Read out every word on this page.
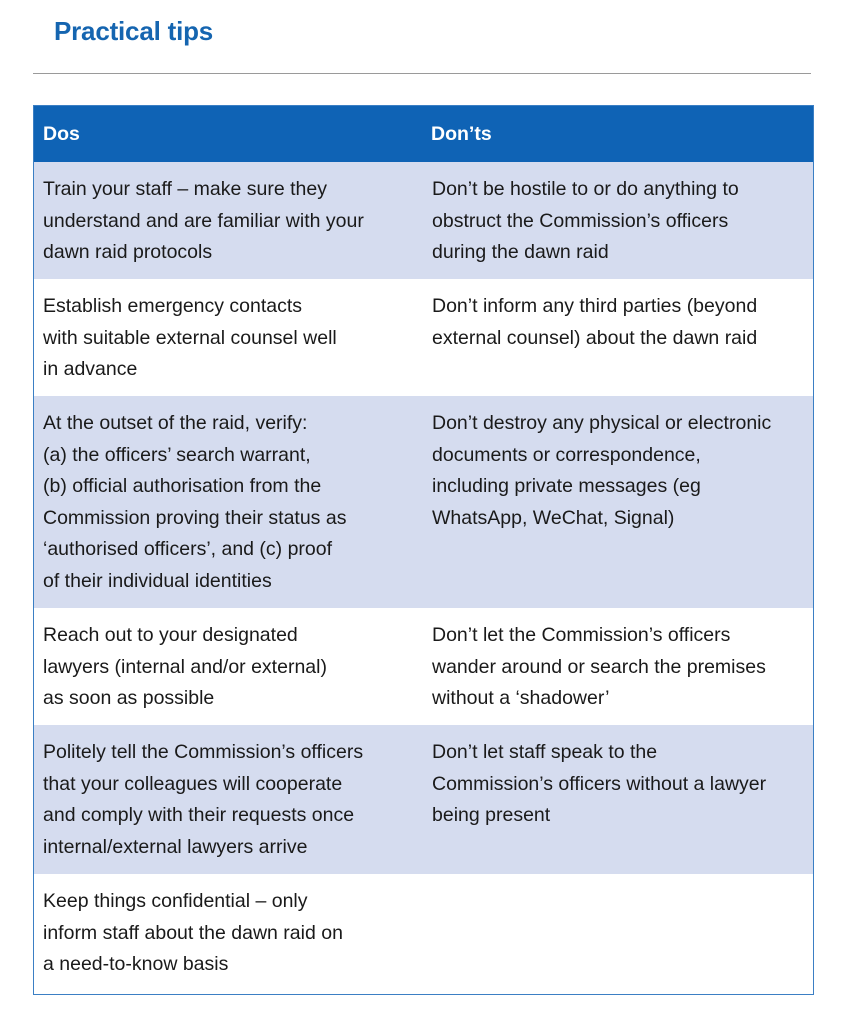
Practical tips
Dos	Don’ts
Train your staff – make sure they
understand and are familiar with your
dawn raid protocols
Don’t be hostile to or do anything to
obstruct the Commission’s officers
during the dawn raid
Establish emergency contacts
with suitable external counsel well
in advance
Don’t inform any third parties (beyond
external counsel) about the dawn raid
At the outset of the raid, verify:
(a) the officers’ search warrant,
(b) official authorisation from the
Commission proving their status as
‘authorised officers’, and (c) proof
of their individual identities
Don’t destroy any physical or electronic
documents or correspondence,
including private messages (eg
WhatsApp, WeChat, Signal)
Reach out to your designated
lawyers (internal and/or external)
as soon as possible
Don’t let the Commission’s officers
wander around or search the premises
without a ‘shadower’
Politely tell the Commission’s officers
that your colleagues will cooperate
and comply with their requests once
internal/external lawyers arrive
Don’t let staff speak to the
Commission’s officers without a lawyer
being present
Keep things confidential – only
inform staff about the dawn raid on
a need-to-know basis
